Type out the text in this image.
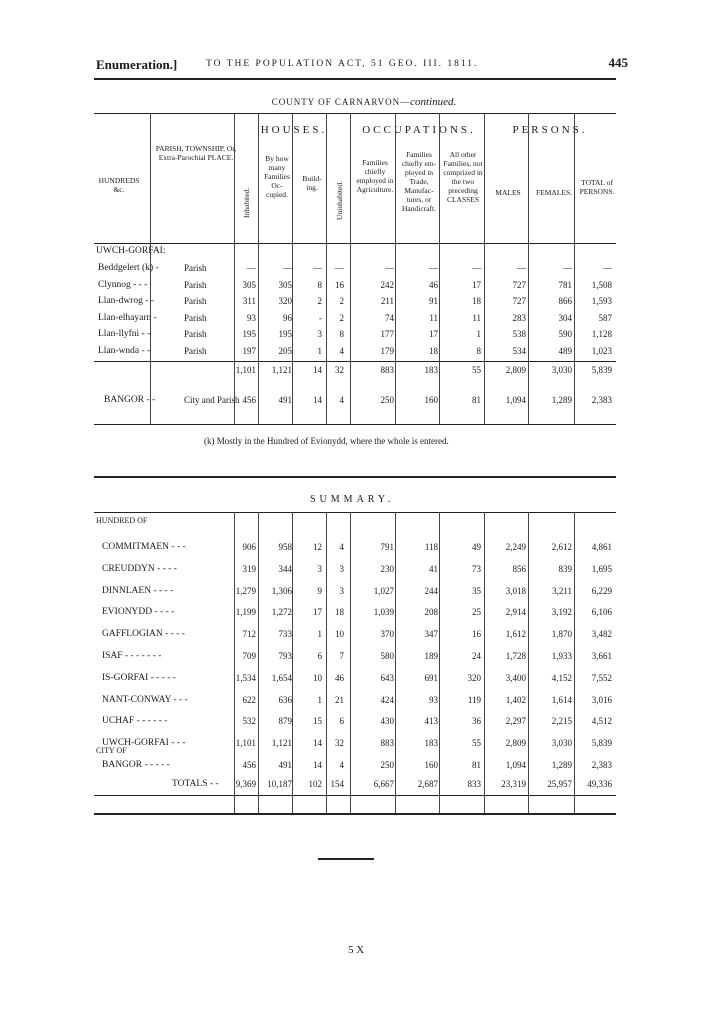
Enumeration.]	TO THE POPULATION ACT, 51 GEO. III. 1811.	445
COUNTY OF CARNARVON—continued.
HUNDREDS &c.
PARISH, TOWNSHIP, Or, Extra-Parochial PLACE.
HOUSES.	OCCUPATIONS.	PERSONS.
Inhabited.
By how many Families Oc-cupied.
Build-ing.	Uninhabited.
Families chiefly employed in Agriculture.
Families chiefly em-ployed in Trade, Manufac-tures, or Handicraft.
All other Families, not comprized in the two preceding CLASSES
MALES	FEMALES.
TOTAL of PERSONS.
UWCH-GORFAI:
Beddgelert (k) -	Parish	—	— — —	—	—	—	—	—	—
Clynnog - - -	Parish	305	305	8 16	242	46	17	727	781 1,508
Llan-dwrog - -	Parish	311	320	2 2	211	91	18	727	866 1,593
Llan-elhayarn -	Parish	93	96	- 2	74	11	11	283	304	587
Llan-llyfni - -	Parish	195	195	3 8	177	17	1	538	590 1,128
Llan-wnda - -	Parish	197	205	1 4	179	18	8	534	489 1,023
1,101 1,121 14 32	883	183	55	2,809	3,030 5,839
BANGOR - -	City and Parish 456	491 14 4	250	160	81	1,094	1,289 2,383
(k) Mostly in the Hundred of Evionydd, where the whole is entered.
SUMMARY.
HUNDRED OF
COMMITMAEN - - -	906	958 12 4	791	118	49	2,249	2,612 4,861
CREUDDYN - - - -	319	344	3 3	230	41	73	856	839 1,695
DINNLAEN - - - -	1,279 1,306	9 3	1,027	244	35	3,018	3,211 6,229
EVIONYDD - - - -	1,199 1,272 17 18	1,039	208	25	2,914	3,192 6,106
GAFFLOGIAN - - - -	712	733	1 10	370	347	16	1,612	1,870 3,482
ISAF - - - - - - -	709	793	6 7	580	189	24	1,728	1,933 3,661
IS-GORFAI - - - - -	1,534 1,654 10 46	643	691	320	3,400	4,152 7,552
NANT-CONWAY - - -	622	636	1 21	424	93	119	1,402	1,614 3,016
UCHAF - - - - - -	532	879 15 6	430	413	36	2,297	2,215 4,512
UWCH-GORFAI - - -	1,101 1,121 14 32	883	183	55	2,809	3,030 5,839
CITY OF
BANGOR - - - - -	456	491 14 4	250	160	81	1,094	1,289 2,383
TOTALS - - 9,369 10,187 102 154	6,667	2,687	833 23,319 25,957 49,336
5 X
